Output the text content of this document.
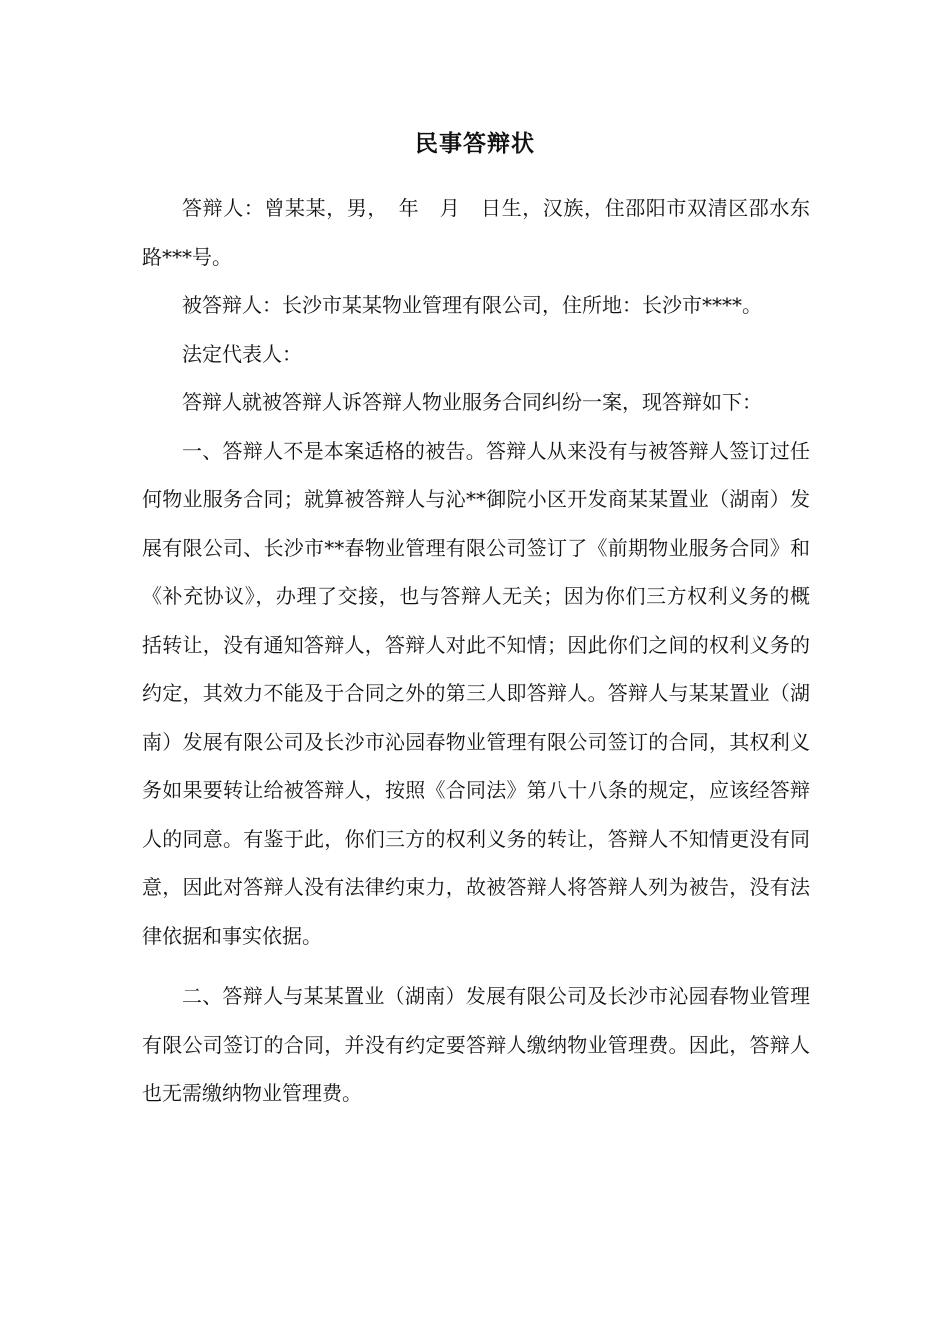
民事答辩状

答辩人：曾某某，男，　年　月　日生，汉族，住邵阳市双清区邵水东路***号。

被答辩人：长沙市某某物业管理有限公司，住所地：长沙市****。

法定代表人：

答辩人就被答辩人诉答辩人物业服务合同纠纷一案，现答辩如下：

一、答辩人不是本案适格的被告。答辩人从来没有与被答辩人签订过任何物业服务合同；就算被答辩人与沁**御院小区开发商某某置业（湖南）发展有限公司、长沙市**春物业管理有限公司签订了《前期物业服务合同》和《补充协议》，办理了交接，也与答辩人无关；因为你们三方权利义务的概括转让，没有通知答辩人，答辩人对此不知情；因此你们之间的权利义务的约定，其效力不能及于合同之外的第三人即答辩人。答辩人与某某置业（湖南）发展有限公司及长沙市沁园春物业管理有限公司签订的合同，其权利义务如果要转让给被答辩人，按照《合同法》第八十八条的规定，应该经答辩人的同意。有鉴于此，你们三方的权利义务的转让，答辩人不知情更没有同意，因此对答辩人没有法律约束力，故被答辩人将答辩人列为被告，没有法律依据和事实依据。

二、答辩人与某某置业（湖南）发展有限公司及长沙市沁园春物业管理有限公司签订的合同，并没有约定要答辩人缴纳物业管理费。因此，答辩人也无需缴纳物业管理费。
